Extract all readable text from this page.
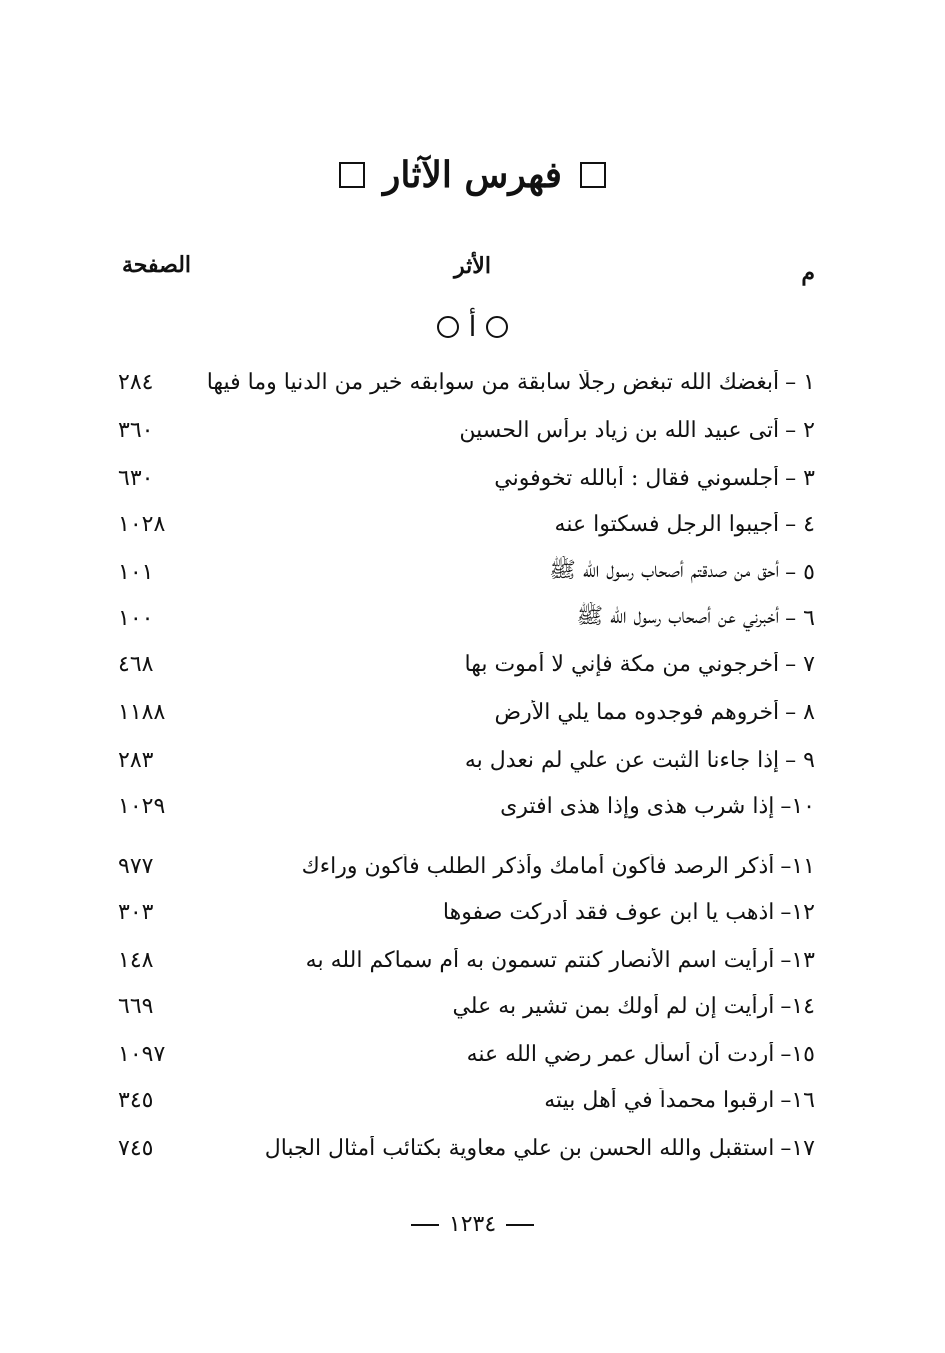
فهرس الآثار
م
الأثر
الصفحة
أ
١ –
أبغضك الله تبغض رجلًا سابقة من سوابقه خير من الدنيا وما فيها
٢٨٤
٢ –
أتى عبيد الله بن زياد برأس الحسين
٣٦٠
٣ –
أجلسوني فقال : أبالله تخوفوني
٦٣٠
٤ –
أجيبوا الرجل فسكتوا عنه
١٠٢٨
٥ –
أحق من صدقتم أصحاب رسول الله ﷺ
١٠١
٦ –
أخبرني عن أصحاب رسول الله ﷺ
١٠٠
٧ –
أخرجوني من مكة فإني لا أموت بها
٤٦٨
٨ –
أخروهم فوجدوه مما يلي الأرض
١١٨٨
٩ –
إذا جاءنا الثبت عن علي لم نعدل به
٢٨٣
١٠–
إذا شرب هذى وإذا هذى افترى
١٠٢٩
١١–
أذكر الرصد فأكون أمامك وأذكر الطلب فأكون وراءك
٩٧٧
١٢–
اذهب يا ابن عوف فقد أدركت صفوها
٣٠٣
١٣–
أرأيت اسم الأنصار كنتم تسمون به أم سماكم الله به
١٤٨
١٤–
أرأيت إن لم أولك بمن تشير به علي
٦٦٩
١٥–
أردت أن أسأل عمر رضي الله عنه
١٠٩٧
١٦–
ارقبوا محمداً في أهل بيته
٣٤٥
١٧–
استقبل والله الحسن بن علي معاوية بكتائب أمثال الجبال
٧٤٥
١٢٣٤
